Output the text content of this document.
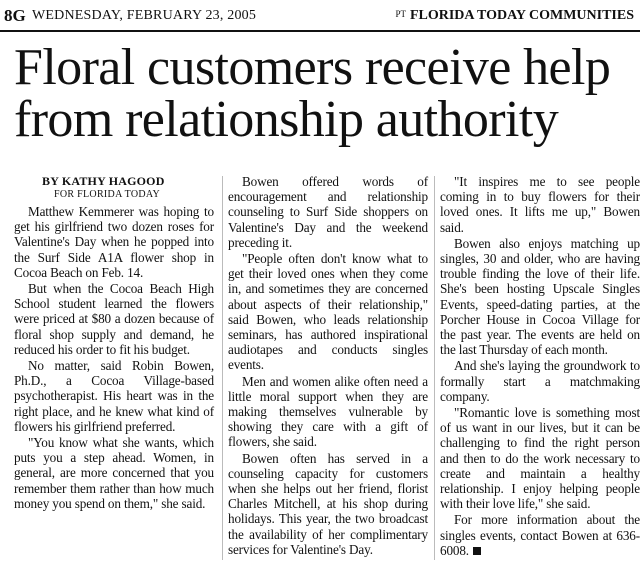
8G WEDNESDAY, FEBRUARY 23, 2005	PT FLORIDA TODAY COMMUNITIES
Floral customers receive help
from relationship authority
BY KATHY HAGOOD
FOR FLORIDA TODAY

Matthew Kemmerer was hoping to get his girlfriend two dozen roses for Valentine's Day when he popped into the Surf Side A1A flower shop in Cocoa Beach on Feb. 14.

But when the Cocoa Beach High School student learned the flowers were priced at $80 a dozen because of floral shop supply and demand, he reduced his order to fit his budget.

No matter, said Robin Bowen, Ph.D., a Cocoa Village-based psychotherapist. His heart was in the right place, and he knew what kind of flowers his girlfriend preferred.

"You know what she wants, which puts you a step ahead. Women, in general, are more concerned that you remember them rather than how much money you spend on them," she said.

Bowen offered words of encouragement and relationship counseling to Surf Side shoppers on Valentine's Day and the weekend preceding it.

"People often don't know what to get their loved ones when they come in, and sometimes they are concerned about aspects of their relationship," said Bowen, who leads relationship seminars, has authored inspirational audiotapes and conducts singles events.

Men and women alike often need a little moral support when they are making themselves vulnerable by showing they care with a gift of flowers, she said.

Bowen often has served in a counseling capacity for customers when she helps out her friend, florist Charles Mitchell, at his shop during holidays. This year, the two broadcast the availability of her complimentary services for Valentine's Day.

"It inspires me to see people coming in to buy flowers for their loved ones. It lifts me up," Bowen said.

Bowen also enjoys matching up singles, 30 and older, who are having trouble finding the love of their life. She's been hosting Upscale Singles Events, speed-dating parties, at the Porcher House in Cocoa Village for the past year. The events are held on the last Thursday of each month.

And she's laying the groundwork to formally start a matchmaking company.

"Romantic love is something most of us want in our lives, but it can be challenging to find the right person and then to do the work necessary to create and maintain a healthy relationship. I enjoy helping people with their love life," she said.

For more information about the singles events, contact Bowen at 636-6008.
